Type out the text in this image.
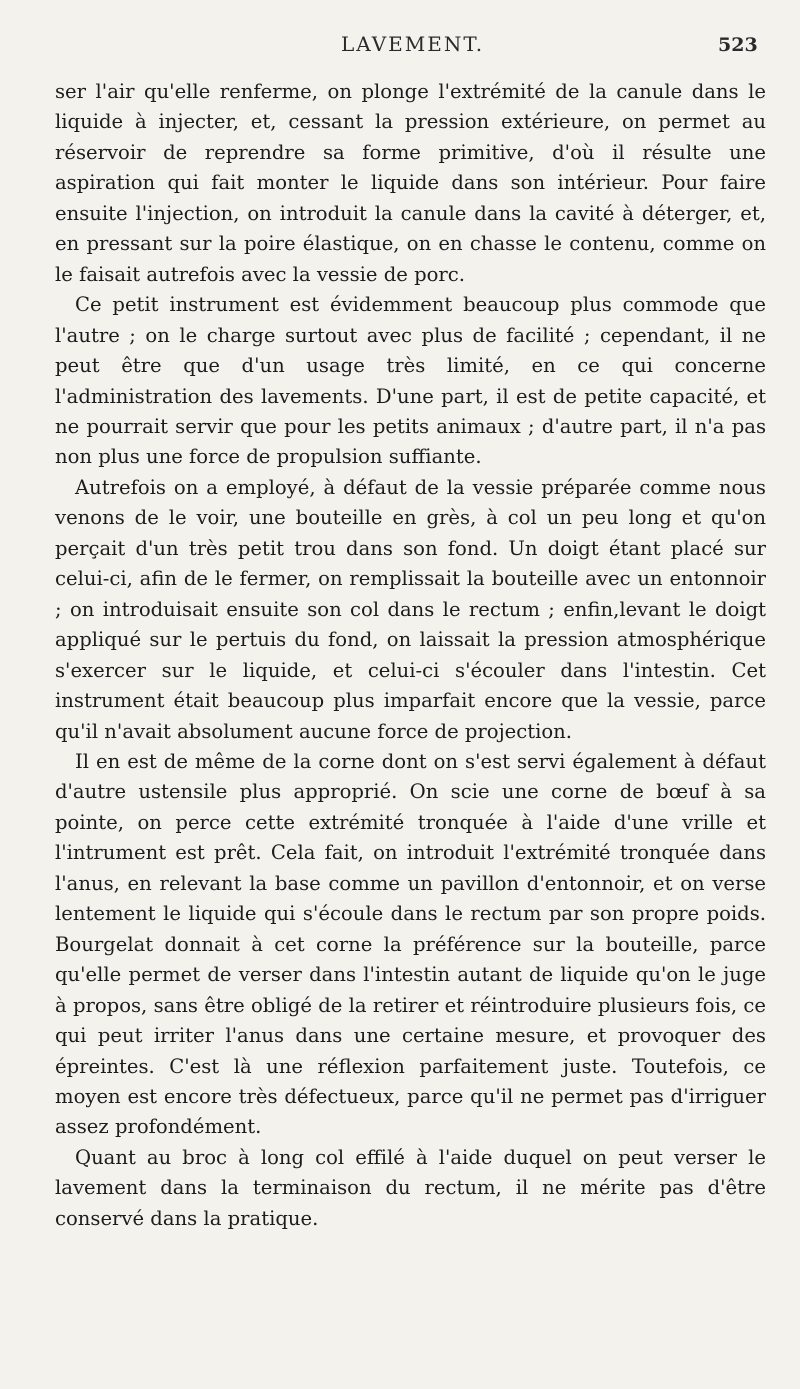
LAVEMENT.	523

ser l'air qu'elle renferme, on plonge l'extrémité de la canule dans le liquide à injecter, et, cessant la pression extérieure, on permet au réservoir de reprendre sa forme primitive, d'où il résulte une aspiration qui fait monter le liquide dans son intérieur. Pour faire ensuite l'injection, on introduit la canule dans la cavité à déterger, et, en pressant sur la poire élastique, on en chasse le contenu, comme on le faisait autrefois avec la vessie de porc.

Ce petit instrument est évidemment beaucoup plus commode que l'autre ; on le charge surtout avec plus de facilité ; cependant, il ne peut être que d'un usage très limité, en ce qui concerne l'administration des lavements. D'une part, il est de petite capacité, et ne pourrait servir que pour les petits animaux ; d'autre part, il n'a pas non plus une force de propulsion suffiante.

Autrefois on a employé, à défaut de la vessie préparée comme nous venons de le voir, une bouteille en grès, à col un peu long et qu'on perçait d'un très petit trou dans son fond. Un doigt étant placé sur celui-ci, afin de le fermer, on remplissait la bouteille avec un entonnoir ; on introduisait ensuite son col dans le rectum ; enfin,levant le doigt appliqué sur le pertuis du fond, on laissait la pression atmosphérique s'exercer sur le liquide, et celui-ci s'écouler dans l'intestin. Cet instrument était beaucoup plus imparfait encore que la vessie, parce qu'il n'avait absolument aucune force de projection.

Il en est de même de la corne dont on s'est servi également à défaut d'autre ustensile plus approprié. On scie une corne de bœuf à sa pointe, on perce cette extrémité tronquée à l'aide d'une vrille et l'intrument est prêt. Cela fait, on introduit l'extrémité tronquée dans l'anus, en relevant la base comme un pavillon d'entonnoir, et on verse lentement le liquide qui s'écoule dans le rectum par son propre poids. Bourgelat donnait à cet corne la préférence sur la bouteille, parce qu'elle permet de verser dans l'intestin autant de liquide qu'on le juge à propos, sans être obligé de la retirer et réintroduire plusieurs fois, ce qui peut irriter l'anus dans une certaine mesure, et provoquer des épreintes. C'est là une réflexion parfaitement juste. Toutefois, ce moyen est encore très défectueux, parce qu'il ne permet pas d'irriguer assez profondément.

Quant au broc à long col effilé à l'aide duquel on peut verser le lavement dans la terminaison du rectum, il ne mérite pas d'être conservé dans la pratique.
